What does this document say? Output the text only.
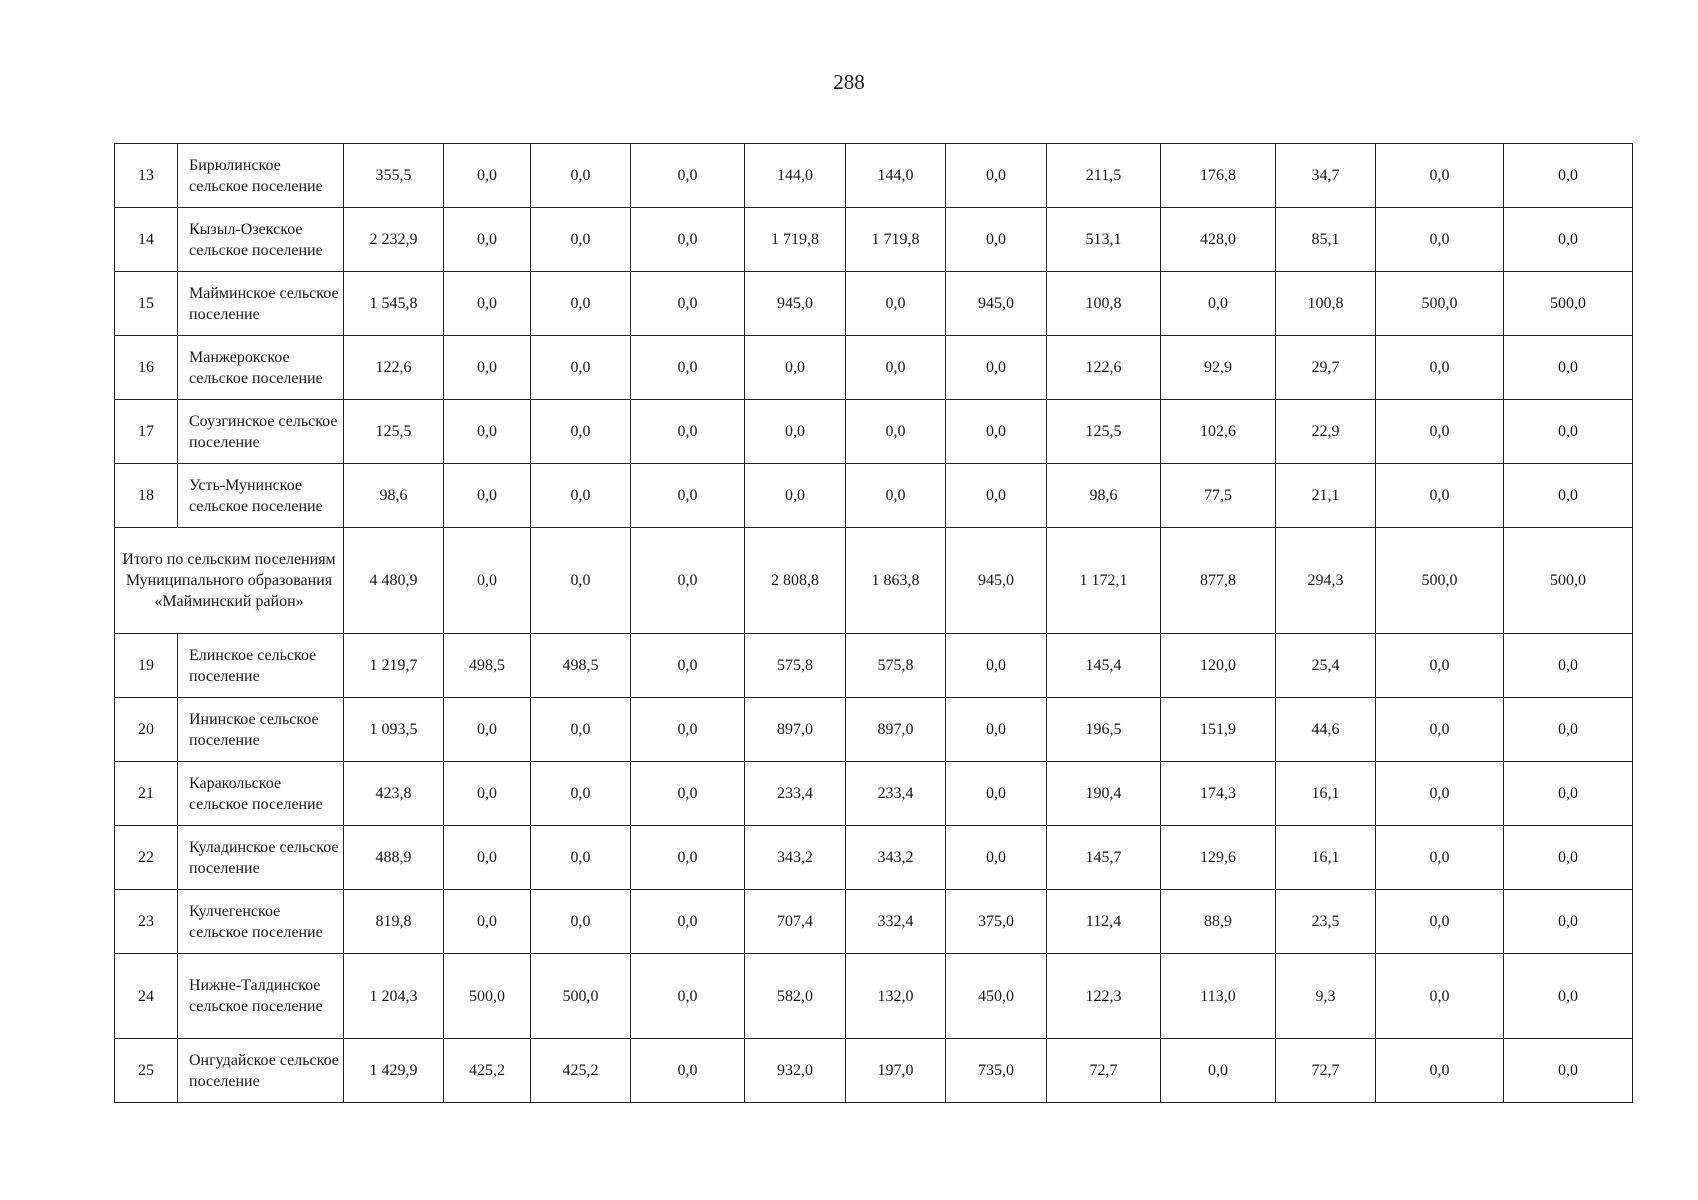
288
13	Бирюлинское сельское поселение	355,5	0,0	0,0	0,0	144,0	144,0	0,0	211,5	176,8	34,7	0,0	0,0
14	Кызыл-Озекское сельское поселение	2 232,9	0,0	0,0	0,0	1 719,8	1 719,8	0,0	513,1	428,0	85,1	0,0	0,0
15	Майминское сельское поселение	1 545,8	0,0	0,0	0,0	945,0	0,0	945,0	100,8	0,0	100,8	500,0	500,0
16	Манжерокское сельское поселение	122,6	0,0	0,0	0,0	0,0	0,0	0,0	122,6	92,9	29,7	0,0	0,0
17	Соузгинское сельское поселение	125,5	0,0	0,0	0,0	0,0	0,0	0,0	125,5	102,6	22,9	0,0	0,0
18	Усть-Мунинское сельское поселение	98,6	0,0	0,0	0,0	0,0	0,0	0,0	98,6	77,5	21,1	0,0	0,0
Итого по сельским поселениям Муниципального образования «Майминский район»		4 480,9	0,0	0,0	0,0	2 808,8	1 863,8	945,0	1 172,1	877,8	294,3	500,0	500,0
19	Елинское сельское поселение	1 219,7	498,5	498,5	0,0	575,8	575,8	0,0	145,4	120,0	25,4	0,0	0,0
20	Ининское сельское поселение	1 093,5	0,0	0,0	0,0	897,0	897,0	0,0	196,5	151,9	44,6	0,0	0,0
21	Каракольское сельское поселение	423,8	0,0	0,0	0,0	233,4	233,4	0,0	190,4	174,3	16,1	0,0	0,0
22	Куладинское сельское поселение	488,9	0,0	0,0	0,0	343,2	343,2	0,0	145,7	129,6	16,1	0,0	0,0
23	Кулчегенское сельское поселение	819,8	0,0	0,0	0,0	707,4	332,4	375,0	112,4	88,9	23,5	0,0	0,0
24	Нижне-Талдинское сельское поселение	1 204,3	500,0	500,0	0,0	582,0	132,0	450,0	122,3	113,0	9,3	0,0	0,0
25	Онгудайское сельское поселение	1 429,9	425,2	425,2	0,0	932,0	197,0	735,0	72,7	0,0	72,7	0,0	0,0
